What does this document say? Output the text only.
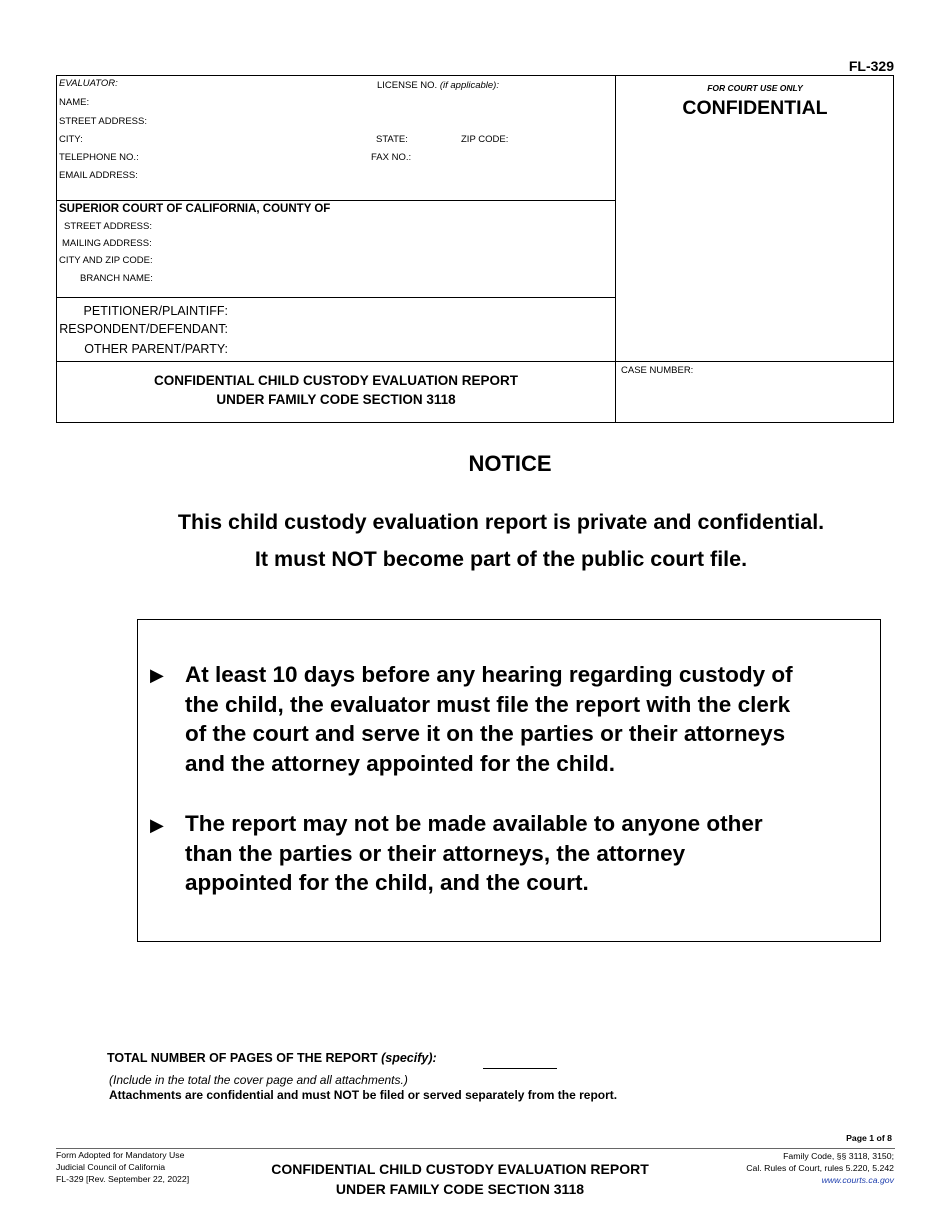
FL-329
EVALUATOR:	LICENSE NO. (if applicable):
NAME:
STREET ADDRESS:
CITY:	STATE:	ZIP CODE:
TELEPHONE NO.:	FAX NO.:
EMAIL ADDRESS:
FOR COURT USE ONLY
CONFIDENTIAL
SUPERIOR COURT OF CALIFORNIA, COUNTY OF
STREET ADDRESS:
MAILING ADDRESS:
CITY AND ZIP CODE:
BRANCH NAME:
PETITIONER/PLAINTIFF:
RESPONDENT/DEFENDANT:
OTHER PARENT/PARTY:
CONFIDENTIAL CHILD CUSTODY EVALUATION REPORT
UNDER FAMILY CODE SECTION 3118
CASE NUMBER:
NOTICE
This child custody evaluation report is private and confidential.
It must NOT become part of the public court file.
▶ At least 10 days before any hearing regarding custody of
the child, the evaluator must file the report with the clerk
of the court and serve it on the parties or their attorneys
and the attorney appointed for the child.
▶ The report may not be made available to anyone other
than the parties or their attorneys, the attorney
appointed for the child, and the court.
TOTAL NUMBER OF PAGES OF THE REPORT (specify):
(Include in the total the cover page and all attachments.)
Attachments are confidential and must NOT be filed or served separately from the report.
Page 1 of 8
Form Adopted for Mandatory Use
Judicial Council of California
FL-329 [Rev. September 22, 2022]
CONFIDENTIAL CHILD CUSTODY EVALUATION REPORT
UNDER FAMILY CODE SECTION 3118
Family Code, §§ 3118, 3150;
Cal. Rules of Court, rules 5.220, 5.242
www.courts.ca.gov
